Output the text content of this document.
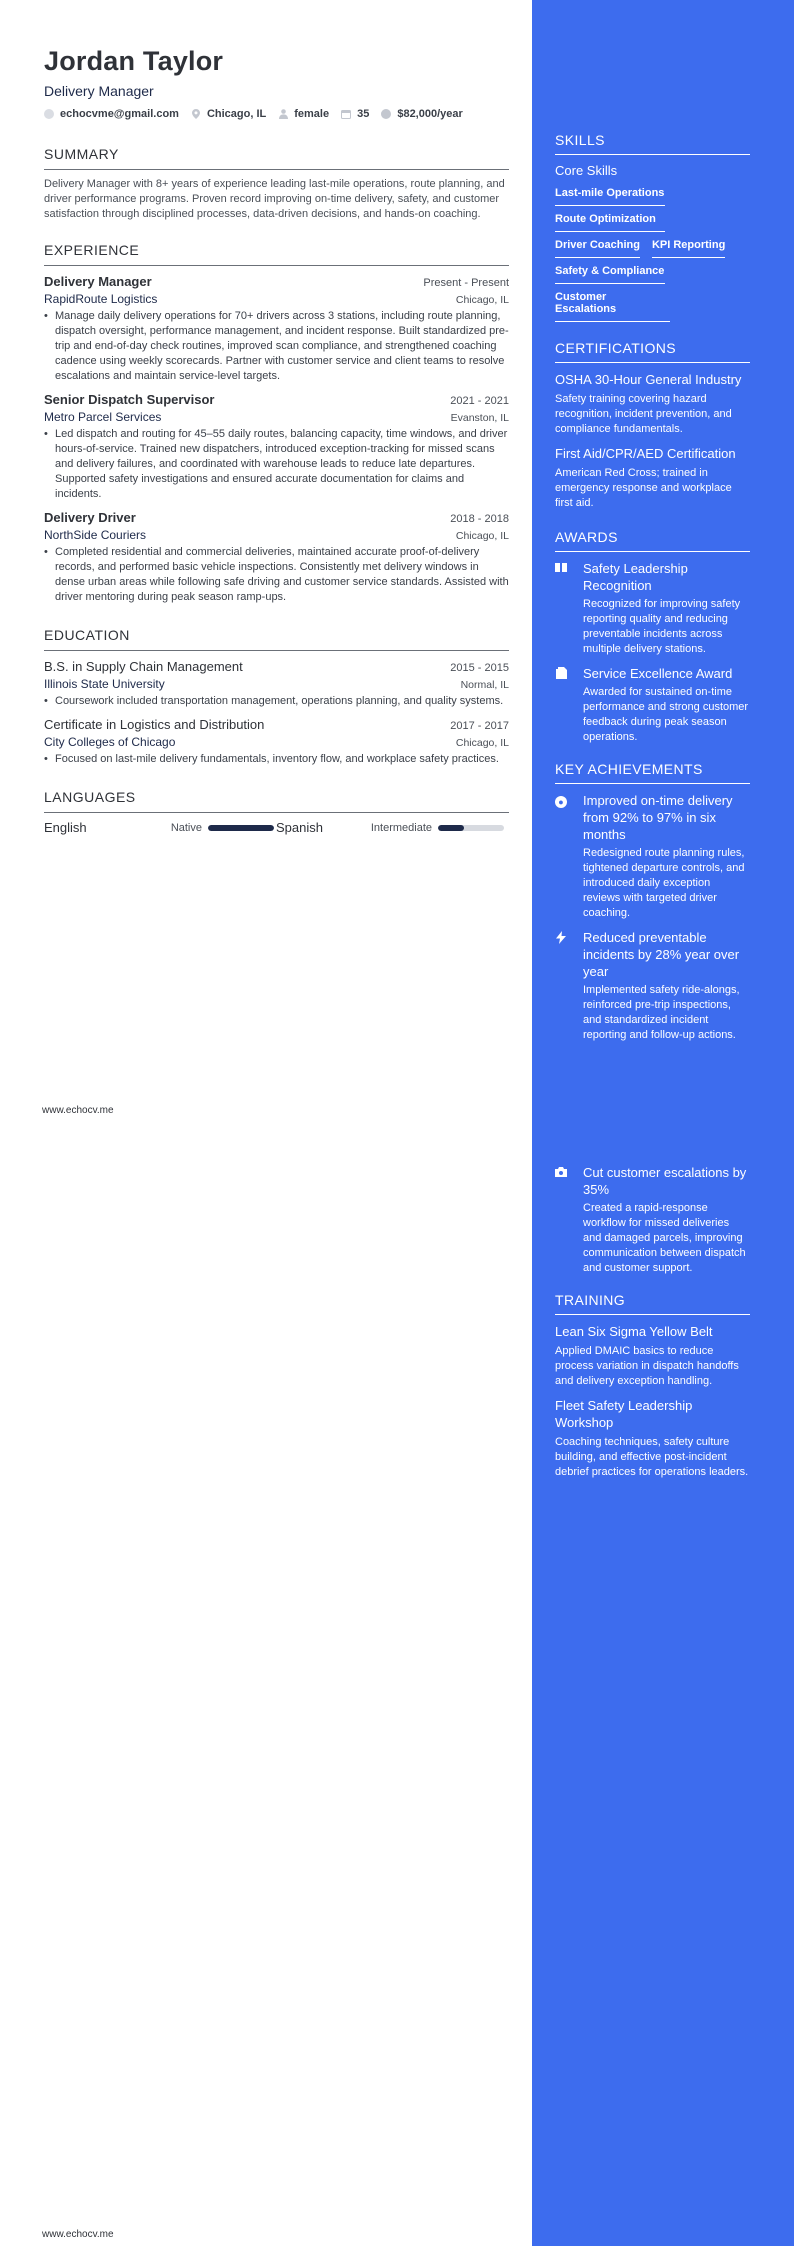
Jordan Taylor
Delivery Manager
echocvme@gmail.com	Chicago, IL	female	35	$82,000/year
SUMMARY
Delivery Manager with 8+ years of experience leading last-mile operations, route planning, and driver performance programs. Proven record improving on-time delivery, safety, and customer satisfaction through disciplined processes, data-driven decisions, and hands-on coaching.
EXPERIENCE
Delivery Manager	Present - Present
RapidRoute Logistics	Chicago, IL
• Manage daily delivery operations for 70+ drivers across 3 stations, including route planning, dispatch oversight, performance management, and incident response. Built standardized pre-trip and end-of-day check routines, improved scan compliance, and strengthened coaching cadence using weekly scorecards. Partner with customer service and client teams to resolve escalations and maintain service-level targets.
Senior Dispatch Supervisor	2021 - 2021
Metro Parcel Services	Evanston, IL
• Led dispatch and routing for 45–55 daily routes, balancing capacity, time windows, and driver hours-of-service. Trained new dispatchers, introduced exception-tracking for missed scans and delivery failures, and coordinated with warehouse leads to reduce late departures. Supported safety investigations and ensured accurate documentation for claims and incidents.
Delivery Driver	2018 - 2018
NorthSide Couriers	Chicago, IL
• Completed residential and commercial deliveries, maintained accurate proof-of-delivery records, and performed basic vehicle inspections. Consistently met delivery windows in dense urban areas while following safe driving and customer service standards. Assisted with driver mentoring during peak season ramp-ups.
EDUCATION
B.S. in Supply Chain Management	2015 - 2015
Illinois State University	Normal, IL
• Coursework included transportation management, operations planning, and quality systems.
Certificate in Logistics and Distribution	2017 - 2017
City Colleges of Chicago	Chicago, IL
• Focused on last-mile delivery fundamentals, inventory flow, and workplace safety practices.
LANGUAGES
English	Native	Spanish	Intermediate
www.echocv.me
www.echocv.me
SKILLS
Core Skills
Last-mile Operations
Route Optimization
Driver Coaching KPI Reporting
Safety & Compliance
Customer Escalations
CERTIFICATIONS
OSHA 30-Hour General Industry
Safety training covering hazard recognition, incident prevention, and compliance fundamentals.
First Aid/CPR/AED Certification
American Red Cross; trained in emergency response and workplace first aid.
AWARDS
Safety Leadership Recognition
Recognized for improving safety reporting quality and reducing preventable incidents across multiple delivery stations.
Service Excellence Award
Awarded for sustained on-time performance and strong customer feedback during peak season operations.
KEY ACHIEVEMENTS
●	Improved on-time delivery from 92% to 97% in six months
Redesigned route planning rules, tightened departure controls, and introduced daily exception reviews with targeted driver coaching.
Reduced preventable incidents by 28% year over year
Implemented safety ride-alongs, reinforced pre-trip inspections, and standardized incident reporting and follow-up actions.
Cut customer escalations by 35%
Created a rapid-response workflow for missed deliveries and damaged parcels, improving communication between dispatch and customer support.
TRAINING
Lean Six Sigma Yellow Belt
Applied DMAIC basics to reduce process variation in dispatch handoffs and delivery exception handling.
Fleet Safety Leadership Workshop
Coaching techniques, safety culture building, and effective post-incident debrief practices for operations leaders.
